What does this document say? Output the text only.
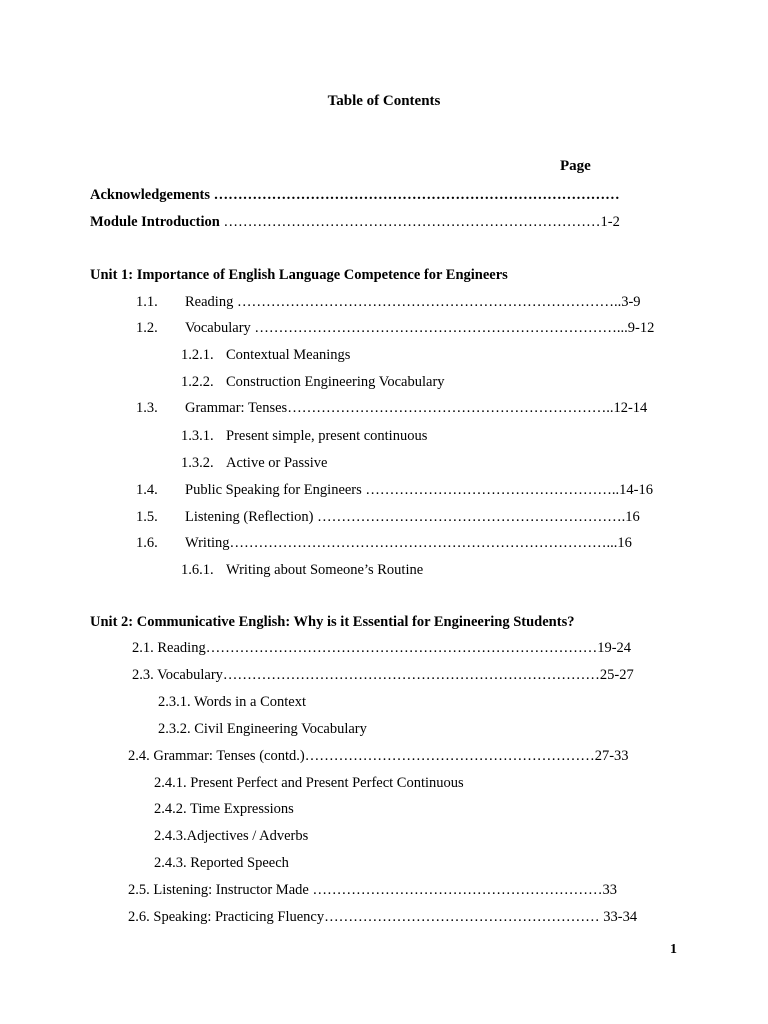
Table of Contents
Page
Acknowledgements …………………………………………………………………………
Module Introduction ……………………………………………………………………1-2
Unit 1: Importance of English Language Competence for Engineers
1.1. Reading ……………………………………………………………………..3-9
1.2. Vocabulary …………………………………………………………………...9-12
1.2.1. Contextual Meanings
1.2.2. Construction Engineering Vocabulary
1.3. Grammar: Tenses…………………………………………………………..12-14
1.3.1. Present simple, present continuous
1.3.2. Active or Passive
1.4. Public Speaking for Engineers ……………………………………………..14-16
1.5. Listening (Reflection) ……………………………………………………….16
1.6. Writing……………………………………………………………………...16
1.6.1. Writing about Someone’s Routine
Unit 2: Communicative English: Why is it Essential for Engineering Students?
2.1. Reading………………………………………………………………………19-24
2.3. Vocabulary……………………………………………………………………25-27
2.3.1. Words in a Context
2.3.2. Civil Engineering Vocabulary
2.4. Grammar: Tenses (contd.)……………………………………………………27-33
2.4.1. Present Perfect and Present Perfect Continuous
2.4.2. Time Expressions
2.4.3.Adjectives / Adverbs
2.4.3. Reported Speech
2.5. Listening: Instructor Made ……………………………………………………33
2.6. Speaking: Practicing Fluency………………………………………………… 33-34
1
